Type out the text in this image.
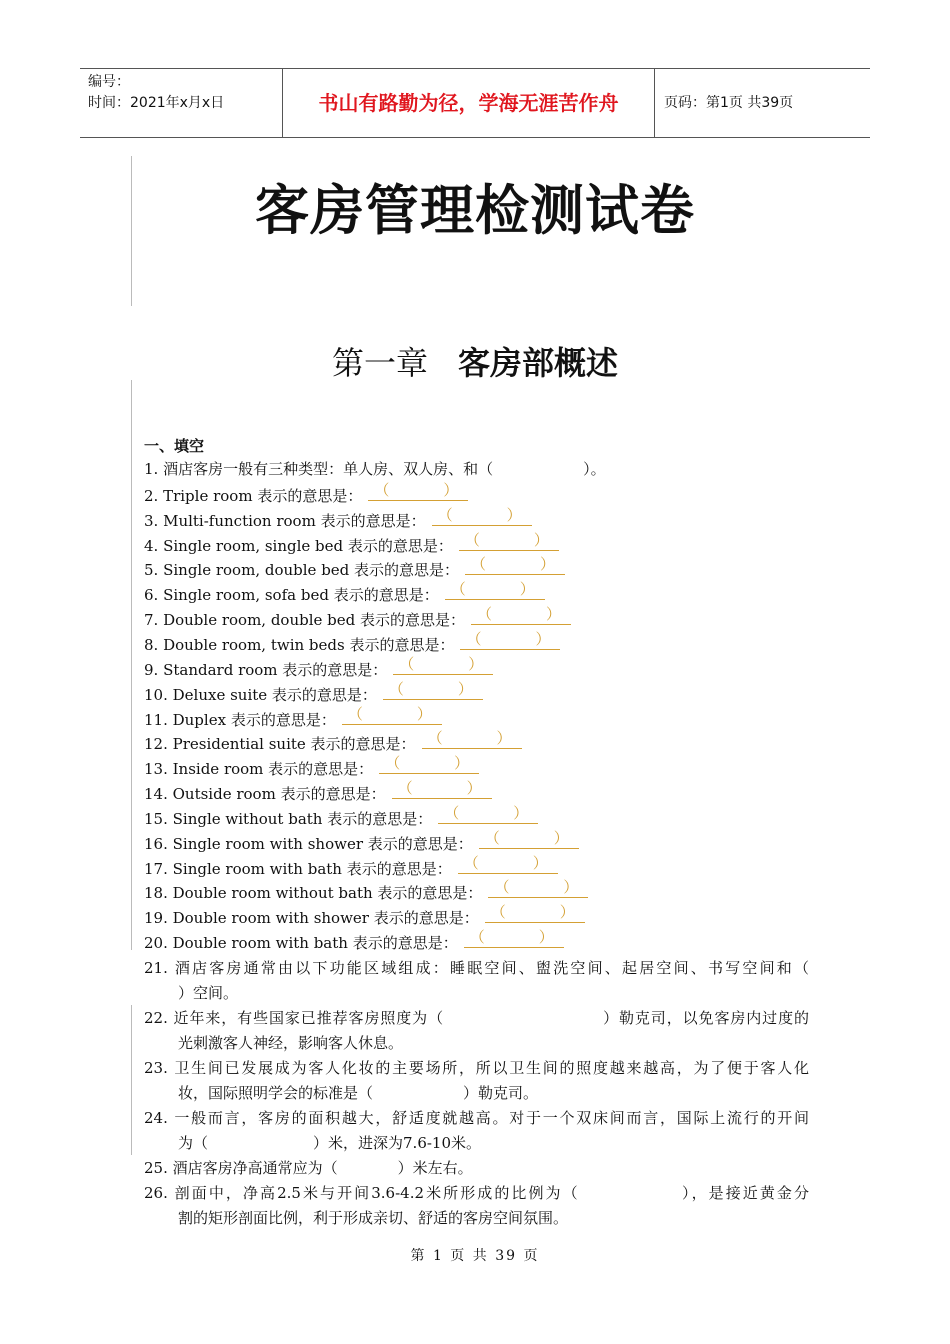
编号：
时间：2021年x月x日	书山有路勤为径，学海无涯苦作舟	页码：第1页 共39页
客房管理检测试卷
第一章 客房部概述
一、填空
1. 酒店客房一般有三种类型：单人房、双人房、和（　　　　　　）。
2. Triple room 表示的意思是： （	）
3. Multi-function room 表示的意思是： （	）
4. Single room, single bed 表示的意思是： （	）
5. Single room, double bed 表示的意思是： （	）
6. Single room, sofa bed 表示的意思是： （	）
7. Double room, double bed 表示的意思是： （	）
8. Double room, twin beds 表示的意思是： （	）
9. Standard room 表示的意思是： （	）
10. Deluxe suite 表示的意思是： （	）
11. Duplex 表示的意思是： （	）
12. Presidential suite 表示的意思是： （	）
13. Inside room 表示的意思是： （	）
14. Outside room 表示的意思是： （	）
15. Single without bath 表示的意思是： （	）
16. Single room with shower 表示的意思是： （	）
17. Single room with bath 表示的意思是： （	）
18. Double room without bath 表示的意思是： （	）
19. Double room with shower 表示的意思是： （	）
20. Double room with bath 表示的意思是： （	）
21. 酒店客房通常由以下功能区域组成：睡眠空间、盥洗空间、起居空间、书写空间和（
）空间。
22. 近年来，有些国家已推荐客房照度为（　　　　　　　　　　）勒克司，以免客房内过度的
光刺激客人神经，影响客人休息。
23. 卫生间已发展成为客人化妆的主要场所，所以卫生间的照度越来越高，为了便于客人化
妆，国际照明学会的标准是（　　　　　　）勒克司。
24. 一般而言，客房的面积越大，舒适度就越高。对于一个双床间而言，国际上流行的开间
为（　　　　　　　）米，进深为7.6-10米。
25. 酒店客房净高通常应为（　　　　）米左右。
26. 剖面中，净高2.5米与开间3.6-4.2米所形成的比例为（　　　　　　），是接近黄金分
割的矩形剖面比例，利于形成亲切、舒适的客房空间氛围。
第 1 页 共 39 页
